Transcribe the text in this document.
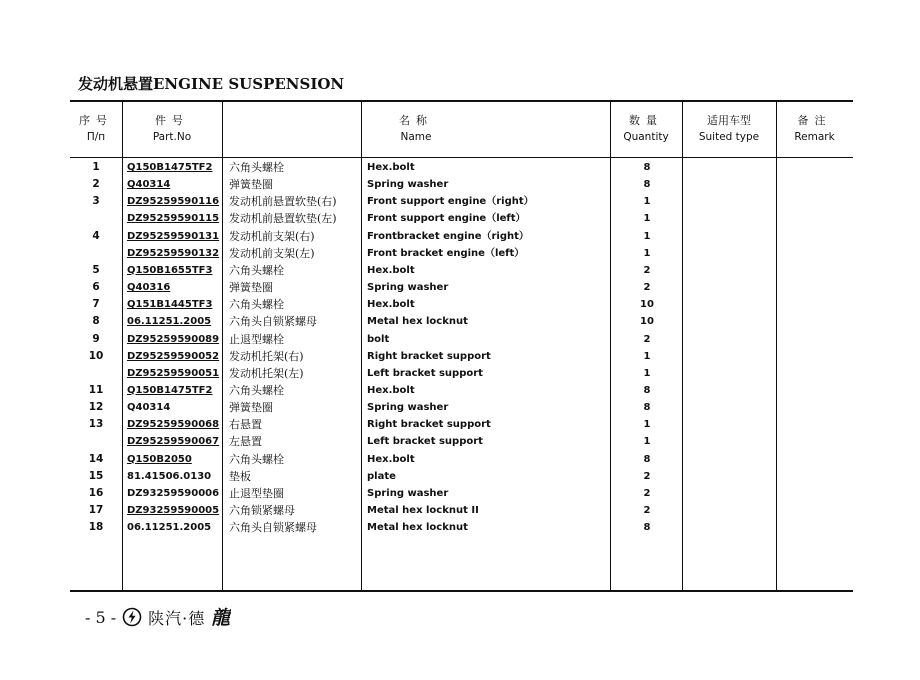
发动机悬置ENGINE SUSPENSION
序号
П/п
件号
Part.No
名称
Name
数量
Quantity
适用车型
Suited type
备注
Remark
1	Q150B1475TF2 六角头螺栓	Hex.bolt	8
2	Q40314	弹簧垫圈	Spring washer	8
3	DZ95259590116 发动机前悬置软垫(右)	Front support engine（right）	1
DZ95259590115 发动机前悬置软垫(左)	Front support engine（left）	1
4	DZ95259590131 发动机前支架(右)	Frontbracket engine（right）	1
DZ95259590132 发动机前支架(左)	Front bracket engine（left）	1
5	Q150B1655TF3 六角头螺栓	Hex.bolt	2
6	Q40316	弹簧垫圈	Spring washer	2
7	Q151B1445TF3 六角头螺栓	Hex.bolt	10
8	06.11251.2005 六角头自锁紧螺母	Metal hex locknut	10
9	DZ95259590089 止退型螺栓	bolt	2
10	DZ95259590052 发动机托架(右)	Right bracket support	1
DZ95259590051 发动机托架(左)	Left bracket support	1
11	Q150B1475TF2 六角头螺栓	Hex.bolt	8
12	Q40314	弹簧垫圈	Spring washer	8
13	DZ95259590068 右悬置	Right bracket support	1
DZ95259590067 左悬置	Left bracket support	1
14	Q150B2050	六角头螺栓	Hex.bolt	8
15	81.41506.0130 垫板	plate	2
16	DZ93259590006 止退型垫圈	Spring washer	2
17	DZ93259590005 六角锁紧螺母	Metal hex locknut II	2
18	06.11251.2005 六角头自锁紧螺母	Metal hex locknut	8
- 5 - 陕汽·德 龍
